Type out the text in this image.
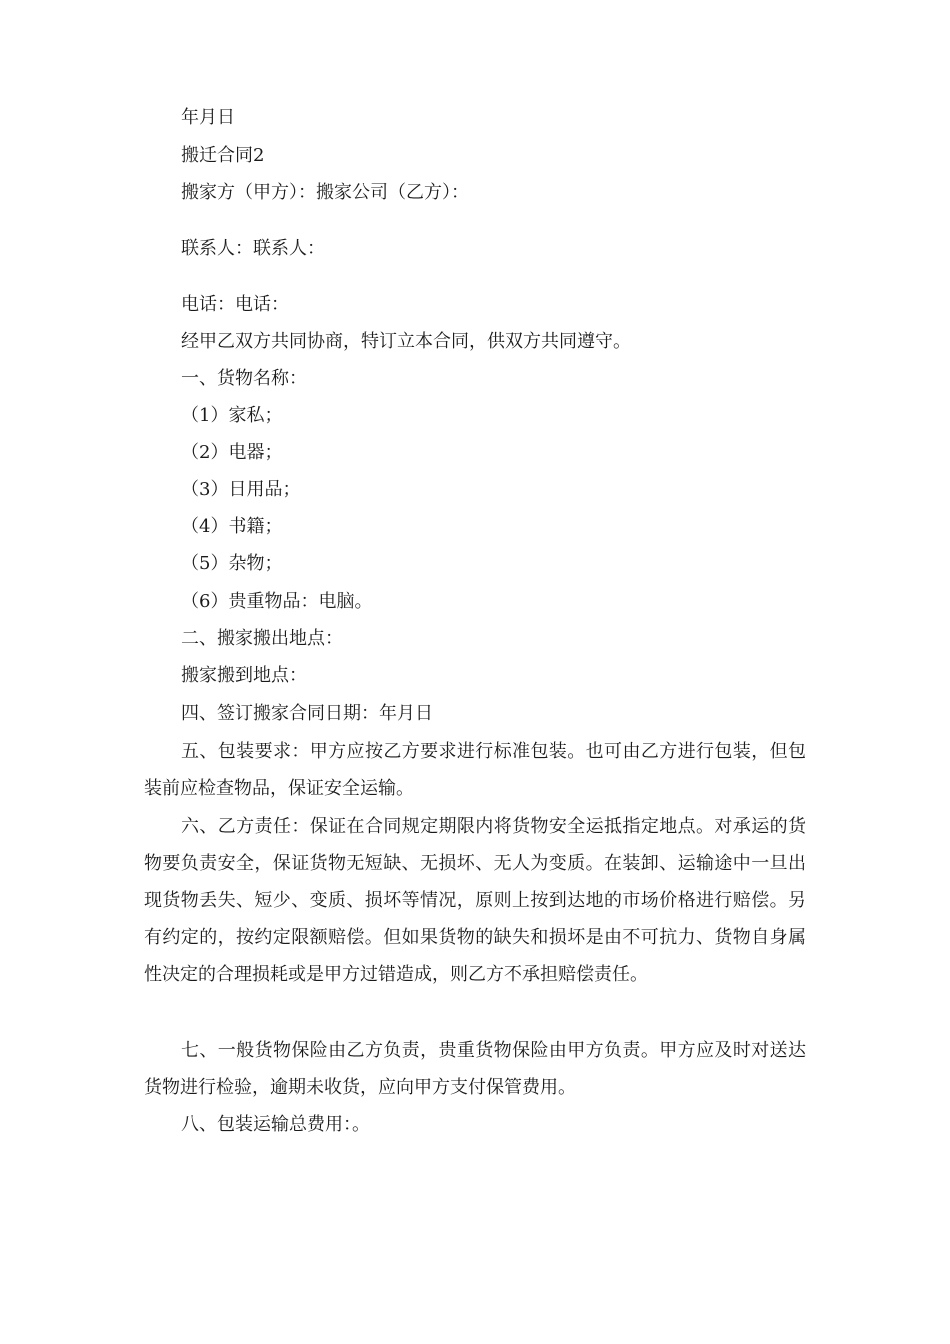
年月日
搬迁合同2
搬家方（甲方）：搬家公司（乙方）：
联系人：联系人：
电话：电话：
经甲乙双方共同协商，特订立本合同，供双方共同遵守。
一、货物名称：
（1）家私；
（2）电器；
（3）日用品；
（4）书籍；
（5）杂物；
（6）贵重物品：电脑。
二、搬家搬出地点：
搬家搬到地点：
四、签订搬家合同日期：年月日
五、包装要求：甲方应按乙方要求进行标准包装。也可由乙方进行包装，但包装前应检查物品，保证安全运输。
六、乙方责任：保证在合同规定期限内将货物安全运抵指定地点。对承运的货物要负责安全，保证货物无短缺、无损坏、无人为变质。在装卸、运输途中一旦出现货物丢失、短少、变质、损坏等情况，原则上按到达地的市场价格进行赔偿。另有约定的，按约定限额赔偿。但如果货物的缺失和损坏是由不可抗力、货物自身属性决定的合理损耗或是甲方过错造成，则乙方不承担赔偿责任。
七、一般货物保险由乙方负责，贵重货物保险由甲方负责。甲方应及时对送达货物进行检验，逾期未收货，应向甲方支付保管费用。
八、包装运输总费用：。
